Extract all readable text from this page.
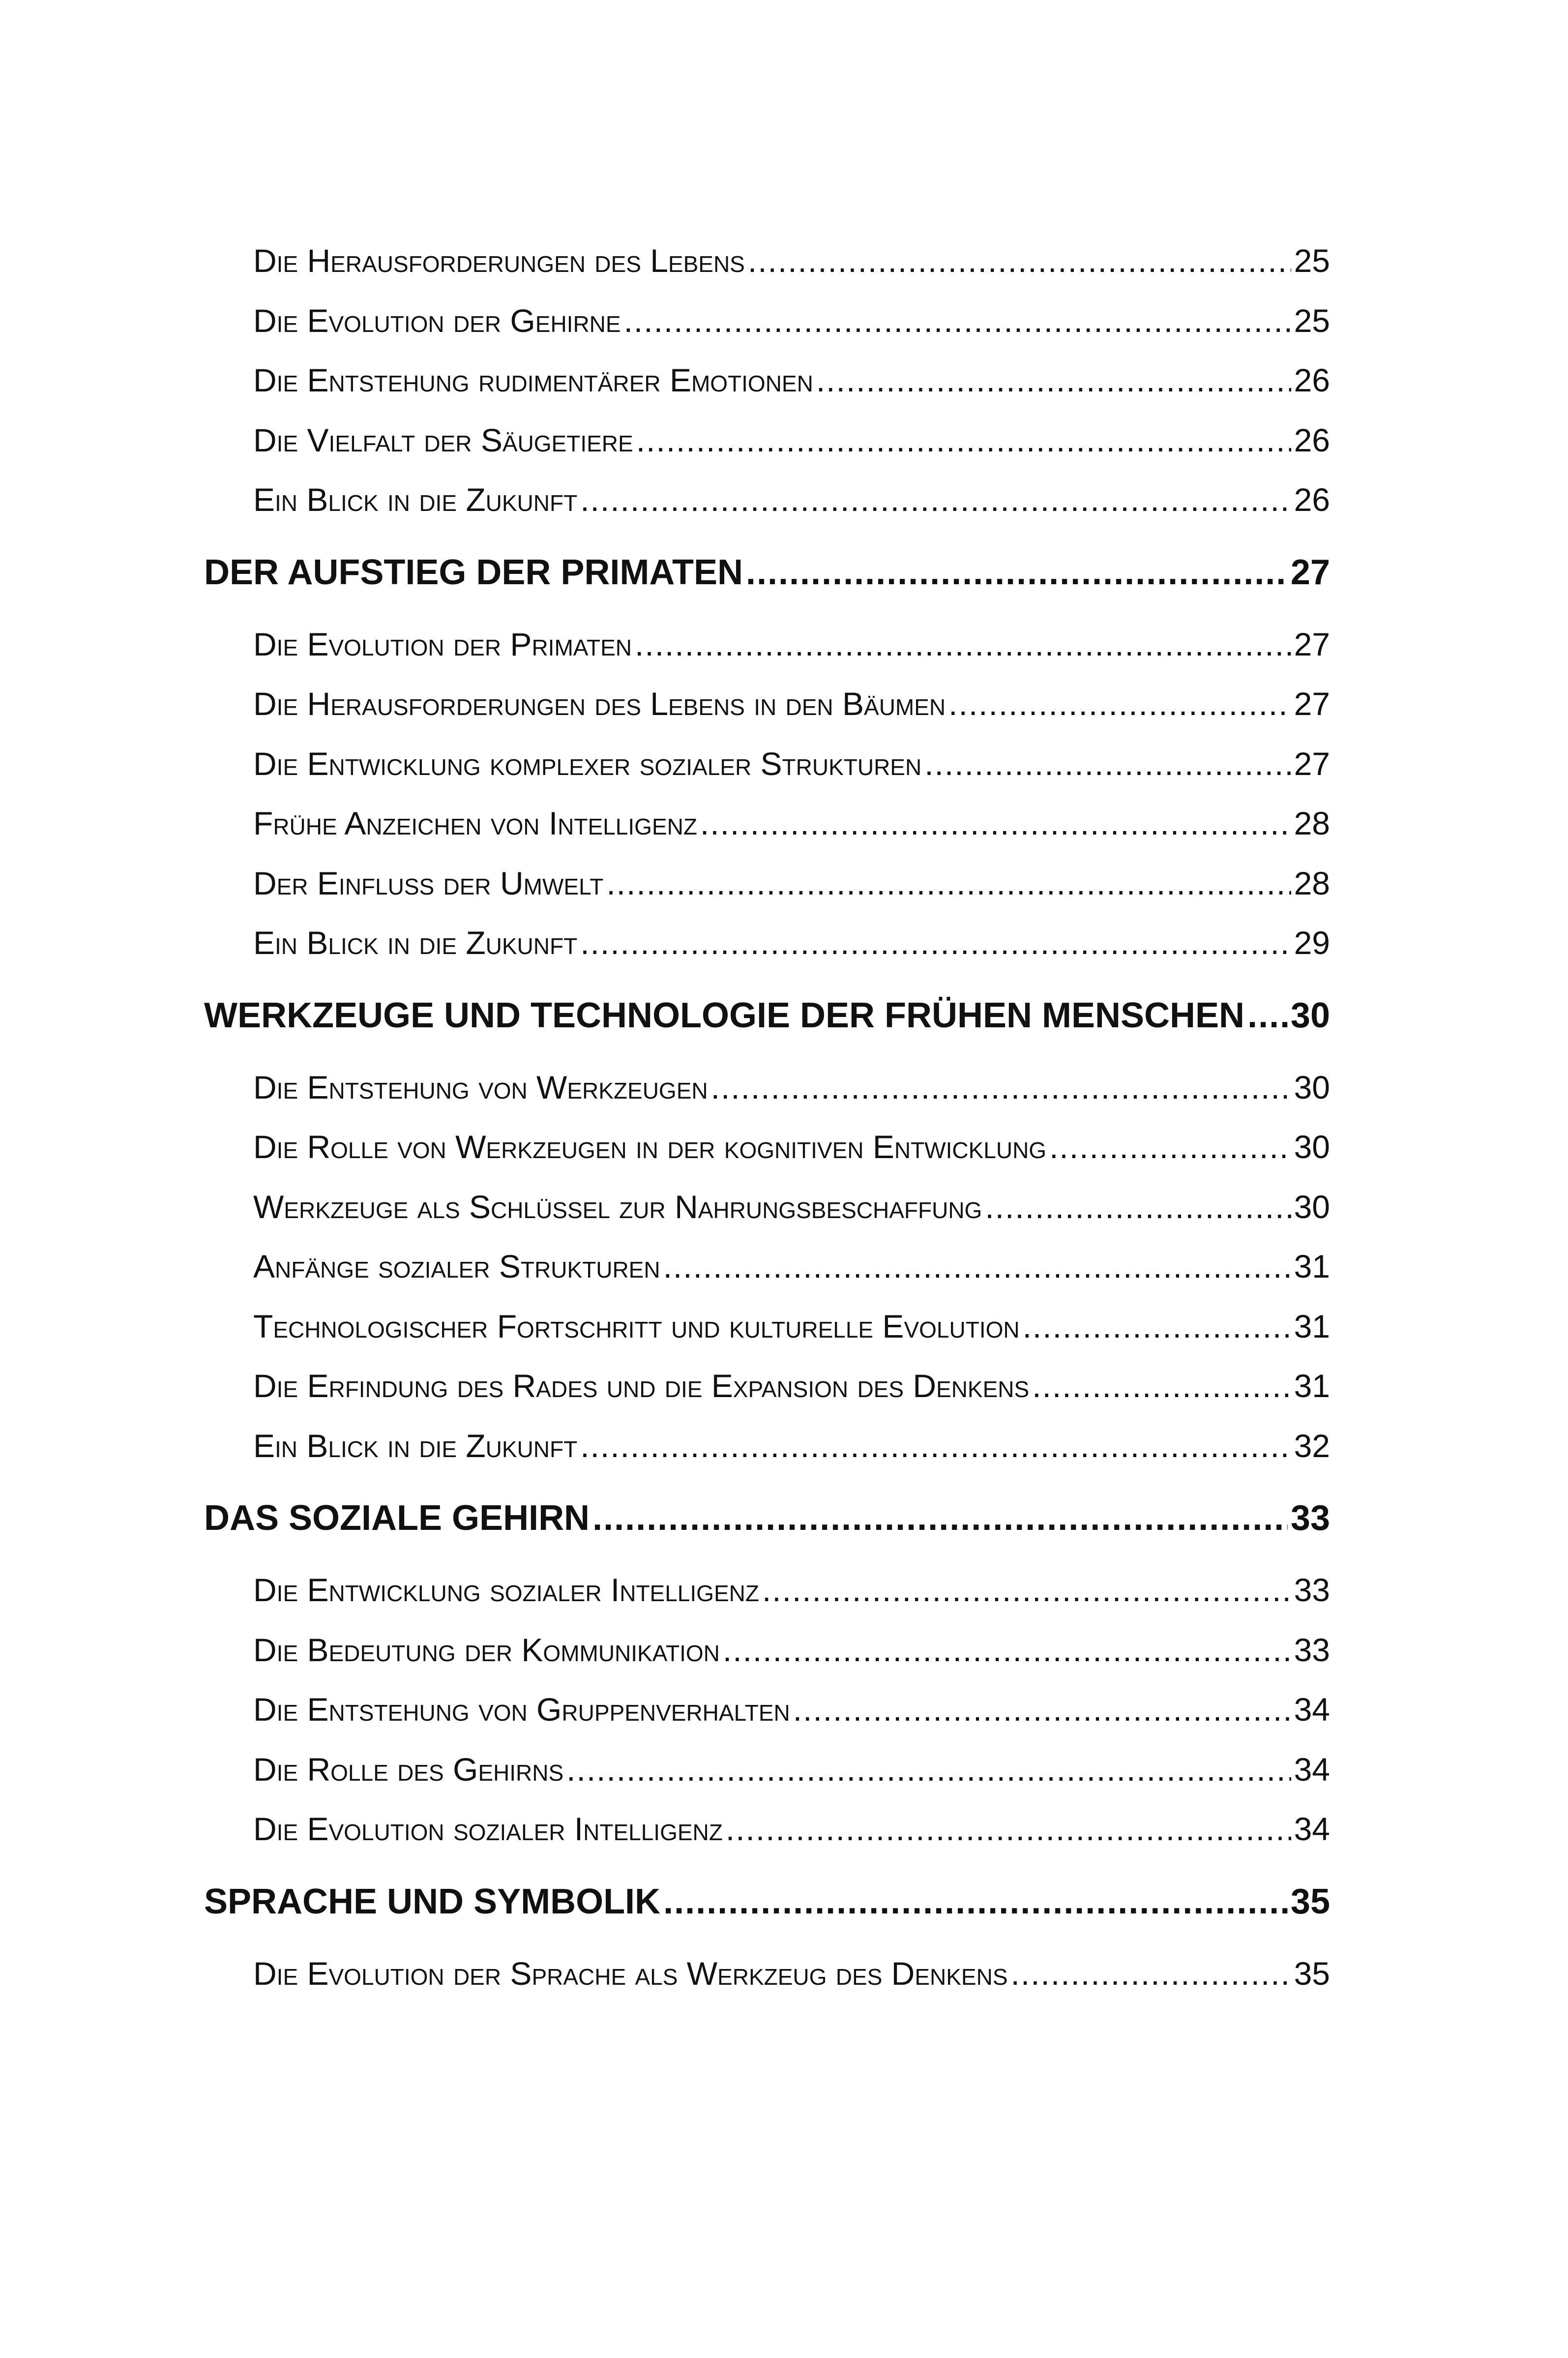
Die Herausforderungen des Lebens .....	25
Die Evolution der Gehirne .....	25
Die Entstehung rudimentärer Emotionen .....	26
Die Vielfalt der Säugetiere .....	26
Ein Blick in die Zukunft .....	26
DER AUFSTIEG DER PRIMATEN .....	27
Die Evolution der Primaten .....	27
Die Herausforderungen des Lebens in den Bäumen .....	27
Die Entwicklung komplexer sozialer Strukturen .....	27
Frühe Anzeichen von Intelligenz .....	28
Der Einfluss der Umwelt .....	28
Ein Blick in die Zukunft .....	29
WERKZEUGE UND TECHNOLOGIE DER FRÜHEN MENSCHEN ..... 30
Die Entstehung von Werkzeugen .....	30
Die Rolle von Werkzeugen in der kognitiven Entwicklung .....	30
Werkzeuge als Schlüssel zur Nahrungsbeschaffung .....	30
Anfänge sozialer Strukturen .....	31
Technologischer Fortschritt und kulturelle Evolution .....	31
Die Erfindung des Rades und die Expansion des Denkens .....	31
Ein Blick in die Zukunft .....	32
DAS SOZIALE GEHIRN .....	33
Die Entwicklung sozialer Intelligenz .....	33
Die Bedeutung der Kommunikation .....	33
Die Entstehung von Gruppenverhalten .....	34
Die Rolle des Gehirns .....	34
Die Evolution sozialer Intelligenz .....	34
SPRACHE UND SYMBOLIK .....	35
Die Evolution der Sprache als Werkzeug des Denkens .....	35
